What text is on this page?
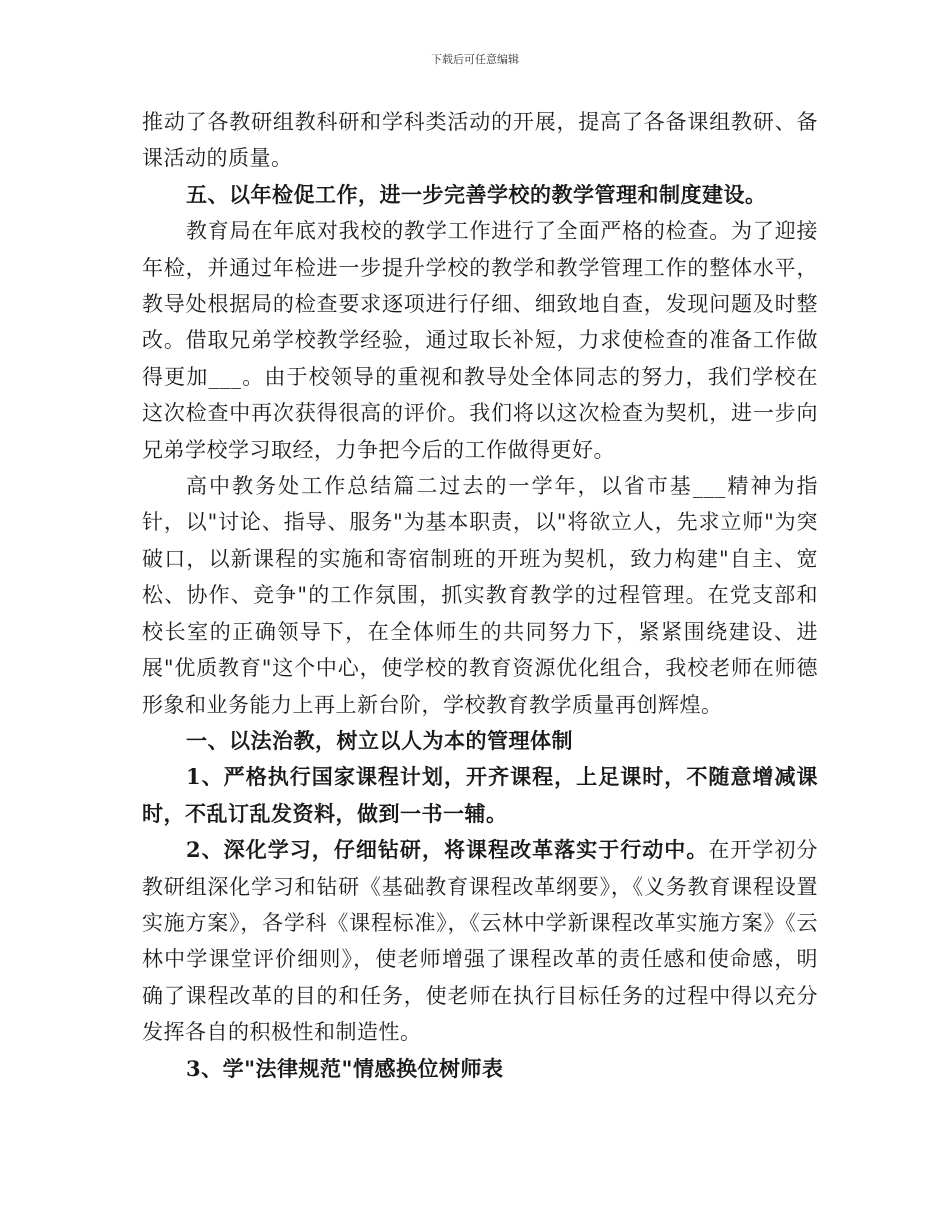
下载后可任意编辑

推动了各教研组教科研和学科类活动的开展，提高了各备课组教研、备课活动的质量。

五、以年检促工作，进一步完善学校的教学管理和制度建设。

教育局在年底对我校的教学工作进行了全面严格的检查。为了迎接年检，并通过年检进一步提升学校的教学和教学管理工作的整体水平，教导处根据局的检查要求逐项进行仔细、细致地自查，发现问题及时整改。借取兄弟学校教学经验，通过取长补短，力求使检查的准备工作做得更加___。由于校领导的重视和教导处全体同志的努力，我们学校在这次检查中再次获得很高的评价。我们将以这次检查为契机，进一步向兄弟学校学习取经，力争把今后的工作做得更好。

高中教务处工作总结篇二过去的一学年，以省市基___精神为指针，以"讨论、指导、服务"为基本职责，以"将欲立人，先求立师"为突破口，以新课程的实施和寄宿制班的开班为契机，致力构建"自主、宽松、协作、竞争"的工作氛围，抓实教育教学的过程管理。在党支部和校长室的正确领导下，在全体师生的共同努力下，紧紧围绕建设、进展"优质教育"这个中心，使学校的教育资源优化组合，我校老师在师德形象和业务能力上再上新台阶，学校教育教学质量再创辉煌。

一、以法治教，树立以人为本的管理体制

1、严格执行国家课程计划，开齐课程，上足课时，不随意增减课时，不乱订乱发资料，做到一书一辅。

2、深化学习，仔细钻研，将课程改革落实于行动中。在开学初分教研组深化学习和钻研《基础教育课程改革纲要》，《义务教育课程设置实施方案》，各学科《课程标准》，《云林中学新课程改革实施方案》《云林中学课堂评价细则》，使老师增强了课程改革的责任感和使命感，明确了课程改革的目的和任务，使老师在执行目标任务的过程中得以充分发挥各自的积极性和制造性。

3、学"法律规范"情感换位树师表
